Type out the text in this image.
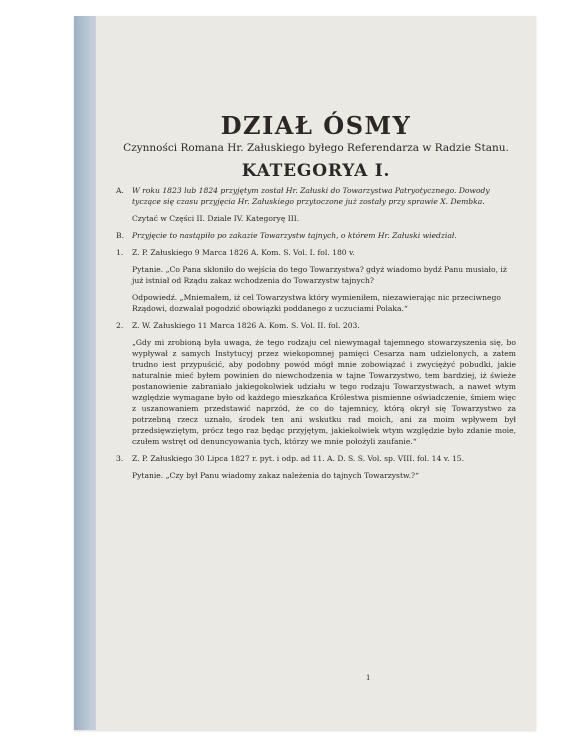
DZIAŁ ÓSMY
Czynności Romana Hr. Załuskiego byłego Referendarza w Radzie Stanu.
KATEGORYA I.
A.	W roku 1823 lub 1824 przyjętym został Hr. Załuski do Towarzystwa Patryotycznego. Dowody tyczące się czasu przyjęcia Hr. Załuskiego przytoczone już zostały przy sprawie X. Dembka.
Czytać w Części II. Dziale IV. Kategoryę III.
B.	Przyjęcie to nastąpiło po zakazie Towarzystw tajnych, o którem Hr. Załuski wiedział.
1.	Z. P. Załuskiego 9 Marca 1826 A. Kom. S. Vol. I. fol. 180 v.
Pytanie. „Co Pana skłoniło do wejścia do tego Towarzystwa? gdyż wiadomo bydź Panu musiało, iż już istniał od Rządu zakaz wchodzenia do Towarzystw tajnych?
Odpowiedź. „Mniemałem, iż cel Towarzystwa który wymieniłem, niezawierając nic przeciwnego Rządowi, dozwalał pogodzić obowiązki poddanego z uczuciami Polaka.“
2.	Z. W. Załuskiego 11 Marca 1826 A. Kom. S. Vol. II. fol. 203.
„Gdy mi zrobioną była uwaga, że tego rodzaju cel niewymagał tajemnego stowarzyszenia się, bo wypływał z samych Instytucyj przez wiekopomnej pamięci Cesarza nam udzielonych, a zatem trudno iest przypuścić, aby podobny powód mógł mnie zobowiązać i zwyciężyć pobudki, jakie naturalnie mieć byłem powinien do niewchodzenia w tajne Towarzystwo, tem bardziej, iż świeże postanowienie zabraniało jakiegokolwiek udziału w tego rodzaju Towarzystwach, a nawet wtym względzie wymagane było od każdego mieszkańca Królestwa pismienne oświadczenie, śmiem więc z uszanowaniem przedstawić naprzód, że co do tajemnicy, którą okrył się Towarzystwo za potrzebną rzecz uznało, środek ten ani wskutku rad moich, ani za moim wpływem był przedsięwziętym, prócz tego raz będąc przyjętym, jakiekolwiek wtym względzie było zdanie moie, czułem wstręt od denuncyowania tych, którzy we mnie położyli zaufanie.“
3.	Z. P. Załuskiego 30 Lipca 1827 r. pyt. i odp. ad 11. A. D. S. S. Vol. sp. VIII. fol. 14 v. 15.
Pytanie. „Czy był Panu wiadomy zakaz należenia do tajnych Towarzystw.?“
1
